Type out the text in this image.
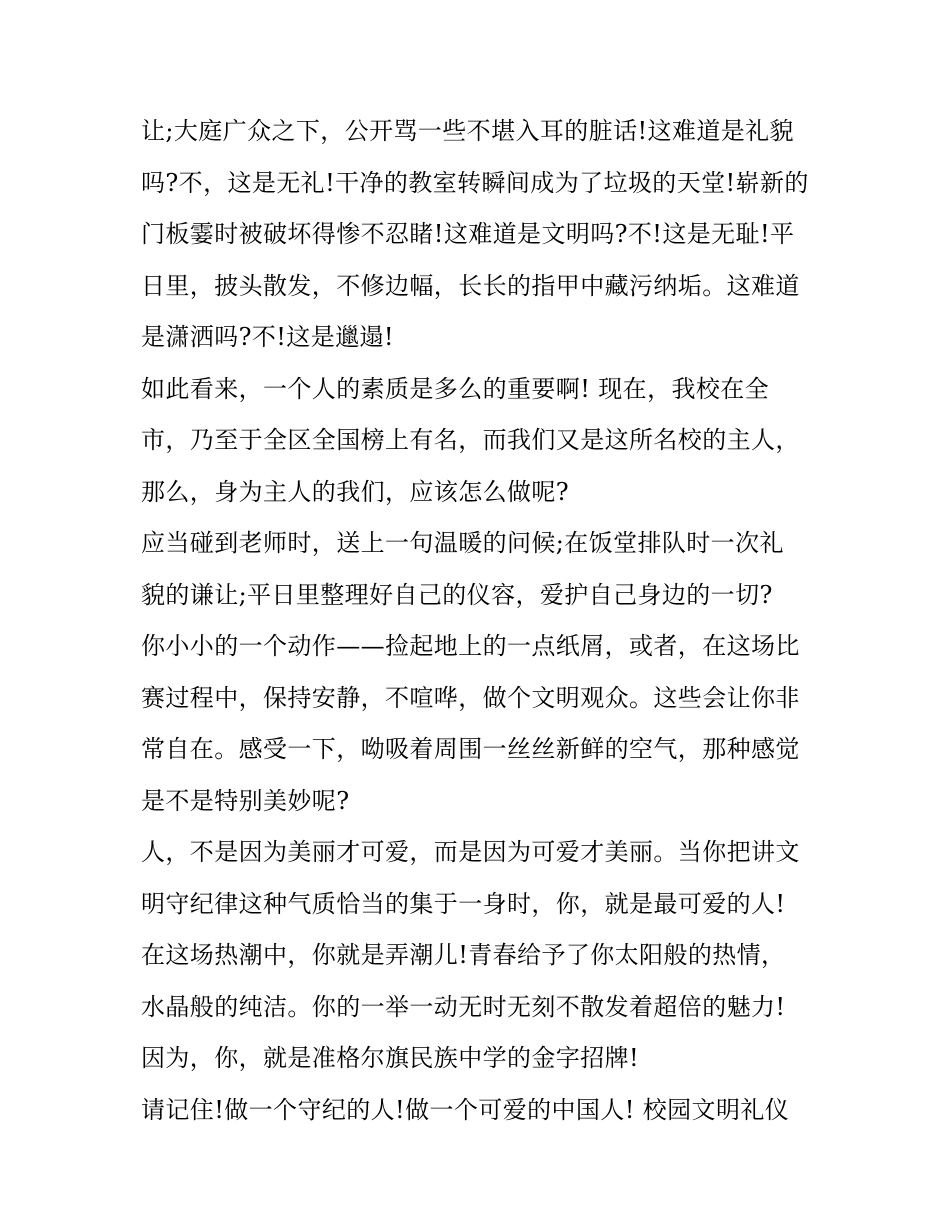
让;大庭广众之下，公开骂一些不堪入耳的脏话!这难道是礼貌
吗?不，这是无礼!干净的教室转瞬间成为了垃圾的天堂!崭新的
门板霎时被破坏得惨不忍睹!这难道是文明吗?不!这是无耻!平
日里，披头散发，不修边幅，长长的指甲中藏污纳垢。这难道
是潇洒吗?不!这是邋遢!
如此看来，一个人的素质是多么的重要啊! 现在，我校在全
市，乃至于全区全国榜上有名，而我们又是这所名校的主人，
那么，身为主人的我们，应该怎么做呢?
应当碰到老师时，送上一句温暖的问候;在饭堂排队时一次礼
貌的谦让;平日里整理好自己的仪容，爱护自己身边的一切?
你小小的一个动作——捡起地上的一点纸屑，或者，在这场比
赛过程中，保持安静，不喧哗，做个文明观众。这些会让你非
常自在。感受一下，呦吸着周围一丝丝新鲜的空气，那种感觉
是不是特别美妙呢?
人，不是因为美丽才可爱，而是因为可爱才美丽。当你把讲文
明守纪律这种气质恰当的集于一身时，你，就是最可爱的人!
在这场热潮中，你就是弄潮儿!青春给予了你太阳般的热情，
水晶般的纯洁。你的一举一动无时无刻不散发着超倍的魅力!
因为，你，就是准格尔旗民族中学的金字招牌!
请记住!做一个守纪的人!做一个可爱的中国人! 校园文明礼仪
